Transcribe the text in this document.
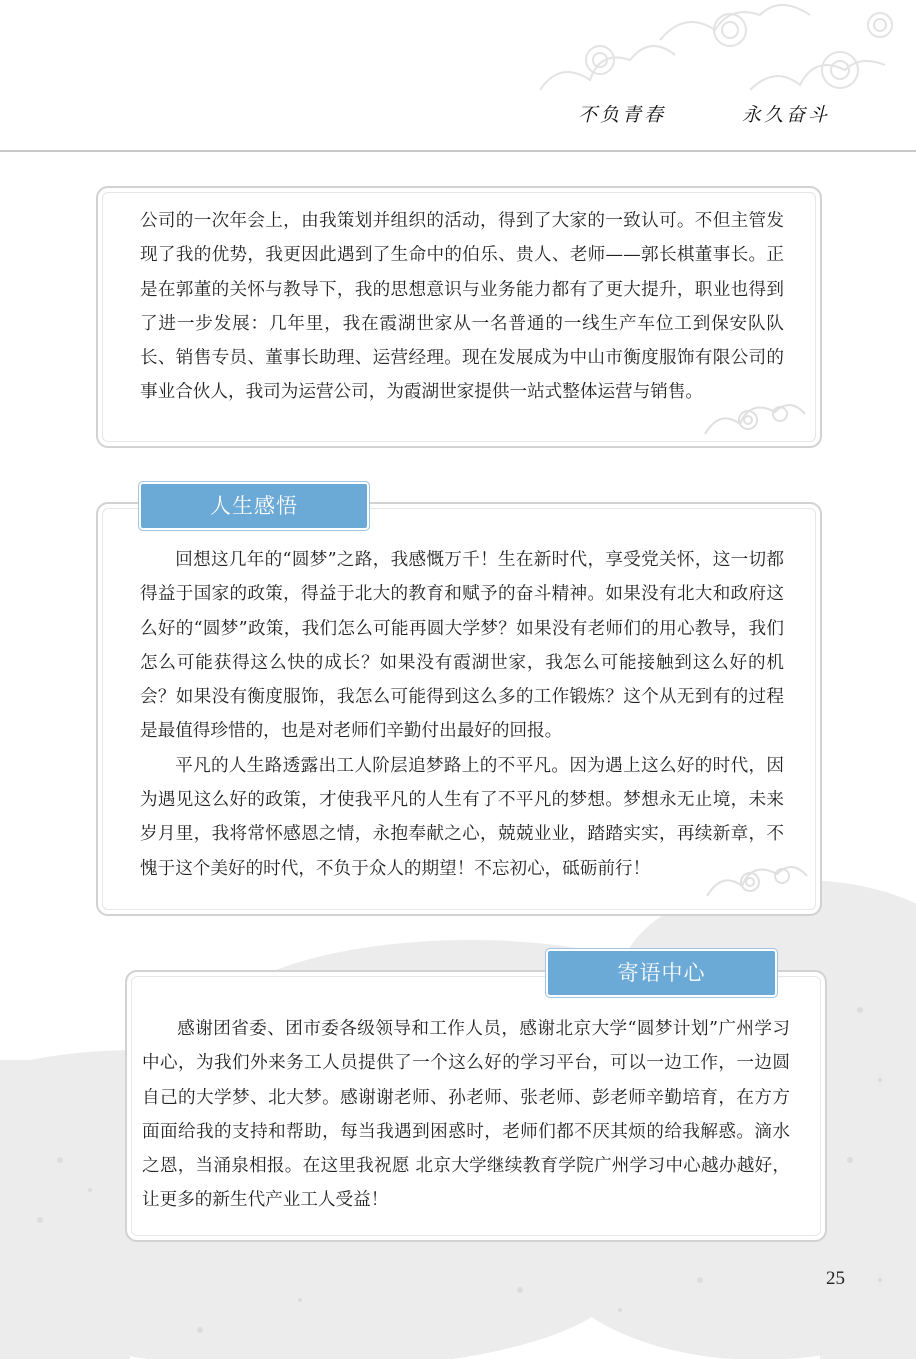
不负青春	永久奋斗

公司的一次年会上，由我策划并组织的活动，得到了大家的一致认可。不但主管发现了我的优势，我更因此遇到了生命中的伯乐、贵人、老师——郭长棋董事长。正是在郭董的关怀与教导下，我的思想意识与业务能力都有了更大提升，职业也得到了进一步发展：几年里，我在霞湖世家从一名普通的一线生产车位工到保安队队长、销售专员、董事长助理、运营经理。现在发展成为中山市衡度服饰有限公司的事业合伙人，我司为运营公司，为霞湖世家提供一站式整体运营与销售。

人生感悟

回想这几年的“圆梦”之路，我感慨万千！生在新时代，享受党关怀，这一切都得益于国家的政策，得益于北大的教育和赋予的奋斗精神。如果没有北大和政府这么好的“圆梦”政策，我们怎么可能再圆大学梦？如果没有老师们的用心教导，我们怎么可能获得这么快的成长？如果没有霞湖世家，我怎么可能接触到这么好的机会？如果没有衡度服饰，我怎么可能得到这么多的工作锻炼？这个从无到有的过程是最值得珍惜的，也是对老师们辛勤付出最好的回报。

平凡的人生路透露出工人阶层追梦路上的不平凡。因为遇上这么好的时代，因为遇见这么好的政策，才使我平凡的人生有了不平凡的梦想。梦想永无止境，未来岁月里，我将常怀感恩之情，永抱奉献之心，兢兢业业，踏踏实实，再续新章，不愧于这个美好的时代，不负于众人的期望！不忘初心，砥砺前行！

寄语中心

感谢团省委、团市委各级领导和工作人员，感谢北京大学“圆梦计划”广州学习中心，为我们外来务工人员提供了一个这么好的学习平台，可以一边工作，一边圆自己的大学梦、北大梦。感谢谢老师、孙老师、张老师、彭老师辛勤培育，在方方面面给我的支持和帮助，每当我遇到困惑时，老师们都不厌其烦的给我解惑。滴水之恩，当涌泉相报。在这里我祝愿 北京大学继续教育学院广州学习中心越办越好，让更多的新生代产业工人受益！

25
